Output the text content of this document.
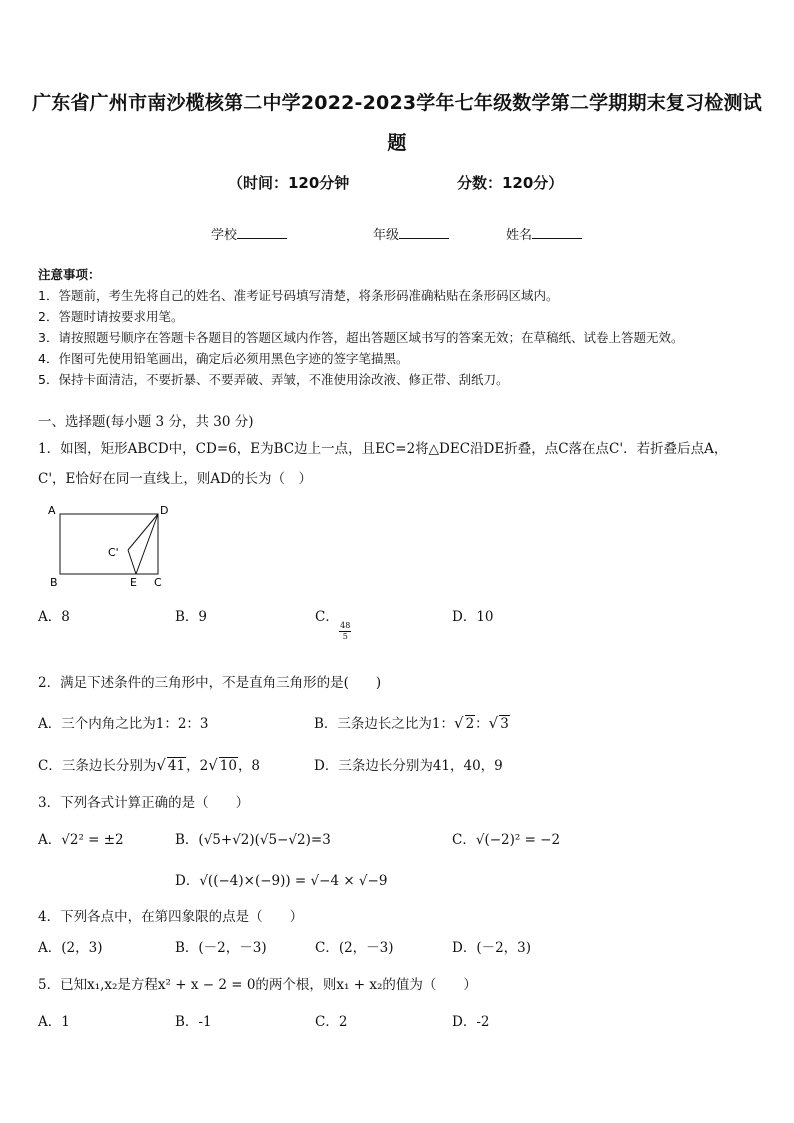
广东省广州市南沙榄核第二中学2022-2023学年七年级数学第二学期期末复习检测试
题
（时间：120分钟	分数：120分）
学校	年级	姓名
注意事项：
1．答题前，考生先将自己的姓名、准考证号码填写清楚，将条形码准确粘贴在条形码区域内。
2．答题时请按要求用笔。
3．请按照题号顺序在答题卡各题目的答题区域内作答，超出答题区域书写的答案无效；在草稿纸、试卷上答题无效。
4．作图可先使用铅笔画出，确定后必须用黑色字迹的签字笔描黑。
5．保持卡面清洁，不要折暴、不要弄破、弄皱，不准使用涂改液、修正带、刮纸刀。
一、选择题(每小题 3 分，共 30 分)
1．如图，矩形ABCD中，CD=6，E为BC边上一点，且EC=2将△DEC沿DE折叠，点C落在点C'．若折叠后点A，
C'，E恰好在同一直线上，则AD的长为（　）
A	D
B	E C
C'
A．8	B．9	C．
$\frac{48}{5}$
D．10
2．满足下述条件的三角形中，不是直角三角形的是(　　)
A．三个内角之比为1：2：3	B．三条边长之比为1：√ 2：√ 3
C．三条边长分别为√ 41，2√ 10，8	D．三条边长分别为41，40，9
3．下列各式计算正确的是（　　）
A．√2² = ±2	B．(√5+√2)(√5−√2)=3	C．√(−2)² = −2
D．√((−4)×(−9)) = √−4 × √−9
4．下列各点中，在第四象限的点是（　　）
A．(2，3)	B．(－2，－3)	C．(2，－3)	D．(－2，3)
5．已知x₁,x₂是方程x² + x − 2 = 0的两个根，则x₁ + x₂的值为（　　）
A．1	B．-1	C．2	D．-2
